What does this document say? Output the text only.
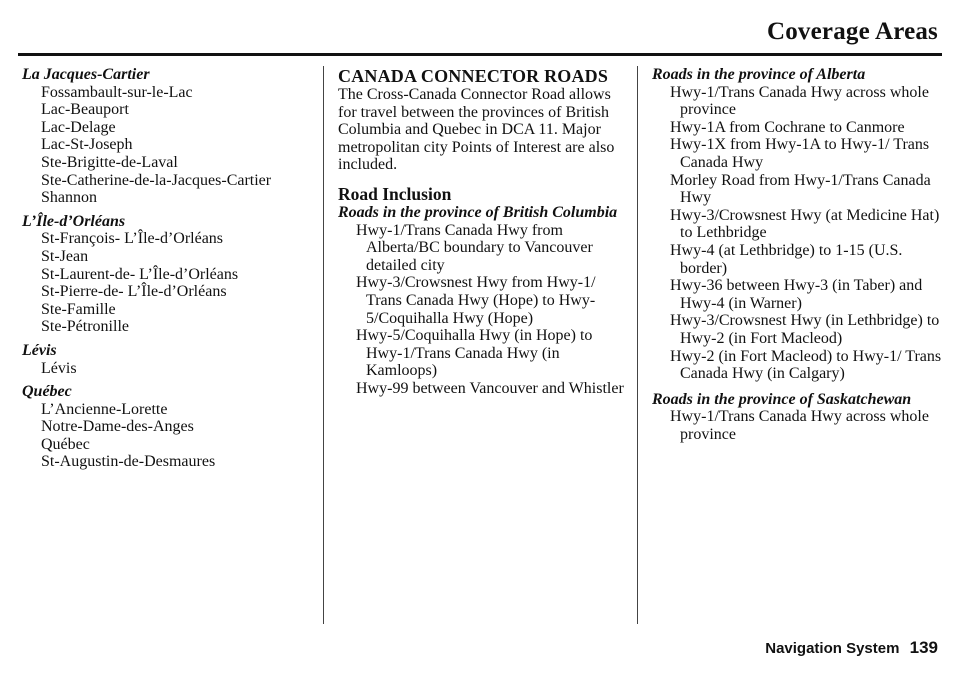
Coverage Areas

La Jacques-Cartier

Fossambault-sur-le-Lac
Lac-Beauport
Lac-Delage
Lac-St-Joseph
Ste-Brigitte-de-Laval
Ste-Catherine-de-la-Jacques-Cartier
Shannon

L’Île-d’Orléans

St-François- L’Île-d’Orléans
St-Jean
St-Laurent-de- L’Île-d’Orléans
St-Pierre-de- L’Île-d’Orléans
Ste-Famille
Ste-Pétronille

Lévis

Lévis

Québec

L’Ancienne-Lorette
Notre-Dame-des-Anges
Québec
St-Augustin-de-Desmaures
CANADA CONNECTOR ROADS

The Cross-Canada Connector Road allows for travel between the provinces of British Columbia and Quebec in DCA 11. Major metropolitan city Points of Interest are also included.

Road Inclusion

Roads in the province of British Columbia

Hwy-1/Trans Canada Hwy from Alberta/BC boundary to Vancouver detailed city
Hwy-3/Crowsnest Hwy from Hwy-1/ Trans Canada Hwy (Hope) to Hwy-5/Coquihalla Hwy (Hope)
Hwy-5/Coquihalla Hwy (in Hope) to Hwy-1/Trans Canada Hwy (in Kamloops)
Hwy-99 between Vancouver and Whistler

Roads in the province of Alberta

Hwy-1/Trans Canada Hwy across whole province
Hwy-1A from Cochrane to Canmore
Hwy-1X from Hwy-1A to Hwy-1/ Trans Canada Hwy
Morley Road from Hwy-1/Trans Canada Hwy
Hwy-3/Crowsnest Hwy (at Medicine Hat) to Lethbridge
Hwy-4 (at Lethbridge) to 1-15 (U.S. border)
Hwy-36 between Hwy-3 (in Taber) and Hwy-4 (in Warner)
Hwy-3/Crowsnest Hwy (in Lethbridge) to Hwy-2 (in Fort Macleod)
Hwy-2 (in Fort Macleod) to Hwy-1/ Trans Canada Hwy (in Calgary)

Roads in the province of Saskatchewan

Hwy-1/Trans Canada Hwy across whole province
Navigation System 139
